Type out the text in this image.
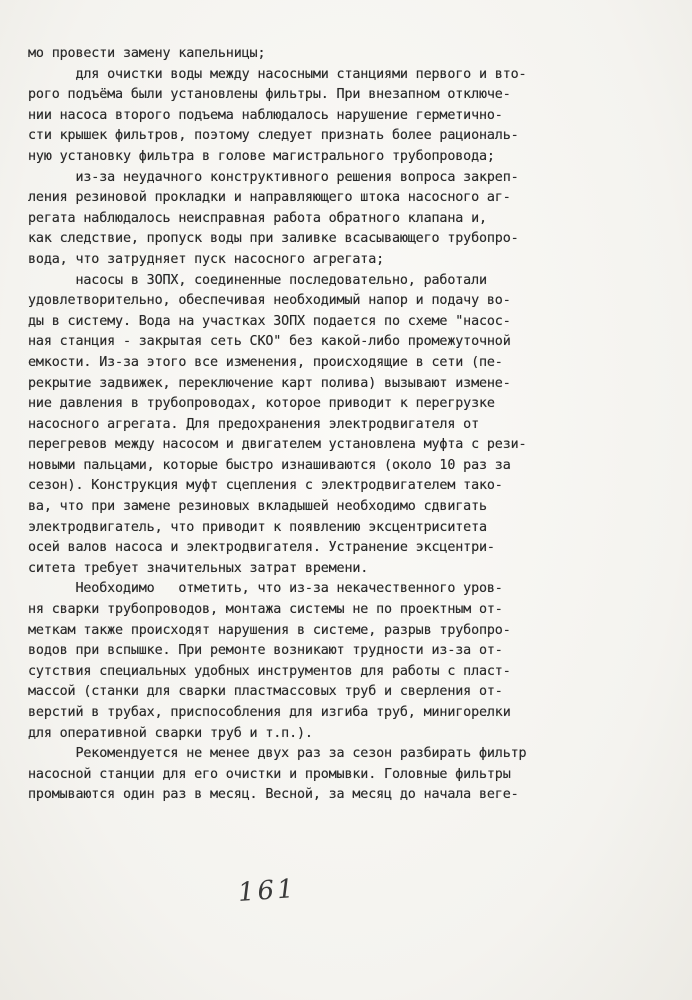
мо провести замену капельницы;
для очистки воды между насосными станциями первого и вто-
рого подъёма были установлены фильтры. При внезапном отключе-
нии насоса второго подъема наблюдалось нарушение герметично-
сти крышек фильтров, поэтому следует признать более рациональ-
ную установку фильтра в голове магистрального трубопровода;
из-за неудачного конструктивного решения вопроса закреп-
ления резиновой прокладки и направляющего штока насосного аг-
регата наблюдалось неисправная работа обратного клапана и,
как следствие, пропуск воды при заливке всасывающего трубопро-
вода, что затрудняет пуск насосного агрегата;
насосы в ЗОПХ, соединенные последовательно, работали
удовлетворительно, обеспечивая необходимый напор и подачу во-
ды в систему. Вода на участках ЗОПХ подается по схеме "насос-
ная станция - закрытая сеть СКО" без какой-либо промежуточной
емкости. Из-за этого все изменения, происходящие в сети (пе-
рекрытие задвижек, переключение карт полива) вызывают измене-
ние давления в трубопроводах, которое приводит к перегрузке
насосного агрегата. Для предохранения электродвигателя от
перегревов между насосом и двигателем установлена муфта с рези-
новыми пальцами, которые быстро изнашиваются (около 10 раз за
сезон). Конструкция муфт сцепления с электродвигателем тако-
ва, что при замене резиновых вкладышей необходимо сдвигать
электродвигатель, что приводит к появлению эксцентриситета
осей валов насоса и электродвигателя. Устранение эксцентри-
ситета требует значительных затрат времени.
Необходимо   отметить, что из-за некачественного уров-
ня сварки трубопроводов, монтажа системы не по проектным от-
меткам также происходят нарушения в системе, разрыв трубопро-
водов при вспышке. При ремонте возникают трудности из-за от-
сутствия специальных удобных инструментов для работы с пласт-
массой (станки для сварки пластмассовых труб и сверления от-
верстий в трубах, приспособления для изгиба труб, минигорелки
для оперативной сварки труб и т.п.).
Рекомендуется не менее двух раз за сезон разбирать фильтр
насосной станции для его очистки и промывки. Головные фильтры
промываются один раз в месяц. Весной, за месяц до начала веге-
161
